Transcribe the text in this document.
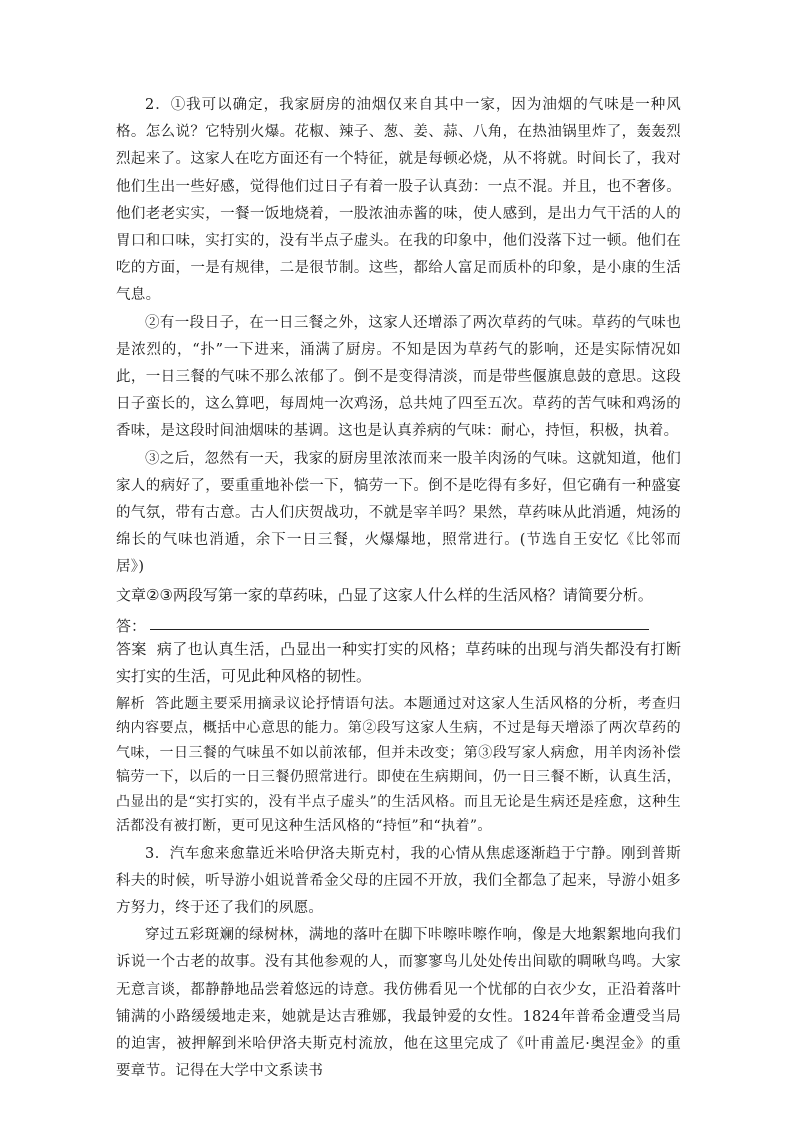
2．①我可以确定，我家厨房的油烟仅来自其中一家，因为油烟的气味是一种风格。怎么说？它特别火爆。花椒、辣子、葱、姜、蒜、八角，在热油锅里炸了，轰轰烈烈起来了。这家人在吃方面还有一个特征，就是每顿必烧，从不将就。时间长了，我对他们生出一些好感，觉得他们过日子有着一股子认真劲：一点不混。并且，也不奢侈。他们老老实实，一餐一饭地烧着，一股浓油赤酱的味，使人感到，是出力气干活的人的胃口和口味，实打实的，没有半点子虚头。在我的印象中，他们没落下过一顿。他们在吃的方面，一是有规律，二是很节制。这些，都给人富足而质朴的印象，是小康的生活气息。

②有一段日子，在一日三餐之外，这家人还增添了两次草药的气味。草药的气味也是浓烈的，“扑”一下进来，涌满了厨房。不知是因为草药气的影响，还是实际情况如此，一日三餐的气味不那么浓郁了。倒不是变得清淡，而是带些偃旗息鼓的意思。这段日子蛮长的，这么算吧，每周炖一次鸡汤，总共炖了四至五次。草药的苦气味和鸡汤的香味，是这段时间油烟味的基调。这也是认真养病的气味：耐心，持恒，积极，执着。

③之后，忽然有一天，我家的厨房里浓浓而来一股羊肉汤的气味。这就知道，他们家人的病好了，要重重地补偿一下，犒劳一下。倒不是吃得有多好，但它确有一种盛宴的气氛，带有古意。古人们庆贺战功，不就是宰羊吗？果然，草药味从此消遁，炖汤的绵长的气味也消遁，余下一日三餐，火爆爆地，照常进行。(节选自王安忆《比邻而居》)

文章②③两段写第一家的草药味，凸显了这家人什么样的生活风格？请简要分析。

答：

答案 病了也认真生活，凸显出一种实打实的风格；草药味的出现与消失都没有打断实打实的生活，可见此种风格的韧性。

解析 答此题主要采用摘录议论抒情语句法。本题通过对这家人生活风格的分析，考查归纳内容要点，概括中心意思的能力。第②段写这家人生病，不过是每天增添了两次草药的气味，一日三餐的气味虽不如以前浓郁，但并未改变；第③段写家人病愈，用羊肉汤补偿犒劳一下，以后的一日三餐仍照常进行。即使在生病期间，仍一日三餐不断，认真生活，凸显出的是“实打实的，没有半点子虚头”的生活风格。而且无论是生病还是痊愈，这种生活都没有被打断，更可见这种生活风格的“持恒”和“执着”。

3．汽车愈来愈靠近米哈伊洛夫斯克村，我的心情从焦虑逐渐趋于宁静。刚到普斯科夫的时候，听导游小姐说普希金父母的庄园不开放，我们全都急了起来，导游小姐多方努力，终于还了我们的夙愿。

穿过五彩斑斓的绿树林，满地的落叶在脚下咔嚓咔嚓作响，像是大地絮絮地向我们诉说一个古老的故事。没有其他参观的人，而寥寥鸟儿处处传出间歇的啁啾鸟鸣。大家无意言谈，都静静地品尝着悠远的诗意。我仿佛看见一个忧郁的白衣少女，正沿着落叶铺满的小路缓缓地走来，她就是达吉雅娜，我最钟爱的女性。1824年普希金遭受当局的迫害，被押解到米哈伊洛夫斯克村流放，他在这里完成了《叶甫盖尼·奥涅金》的重要章节。记得在大学中文系读书
